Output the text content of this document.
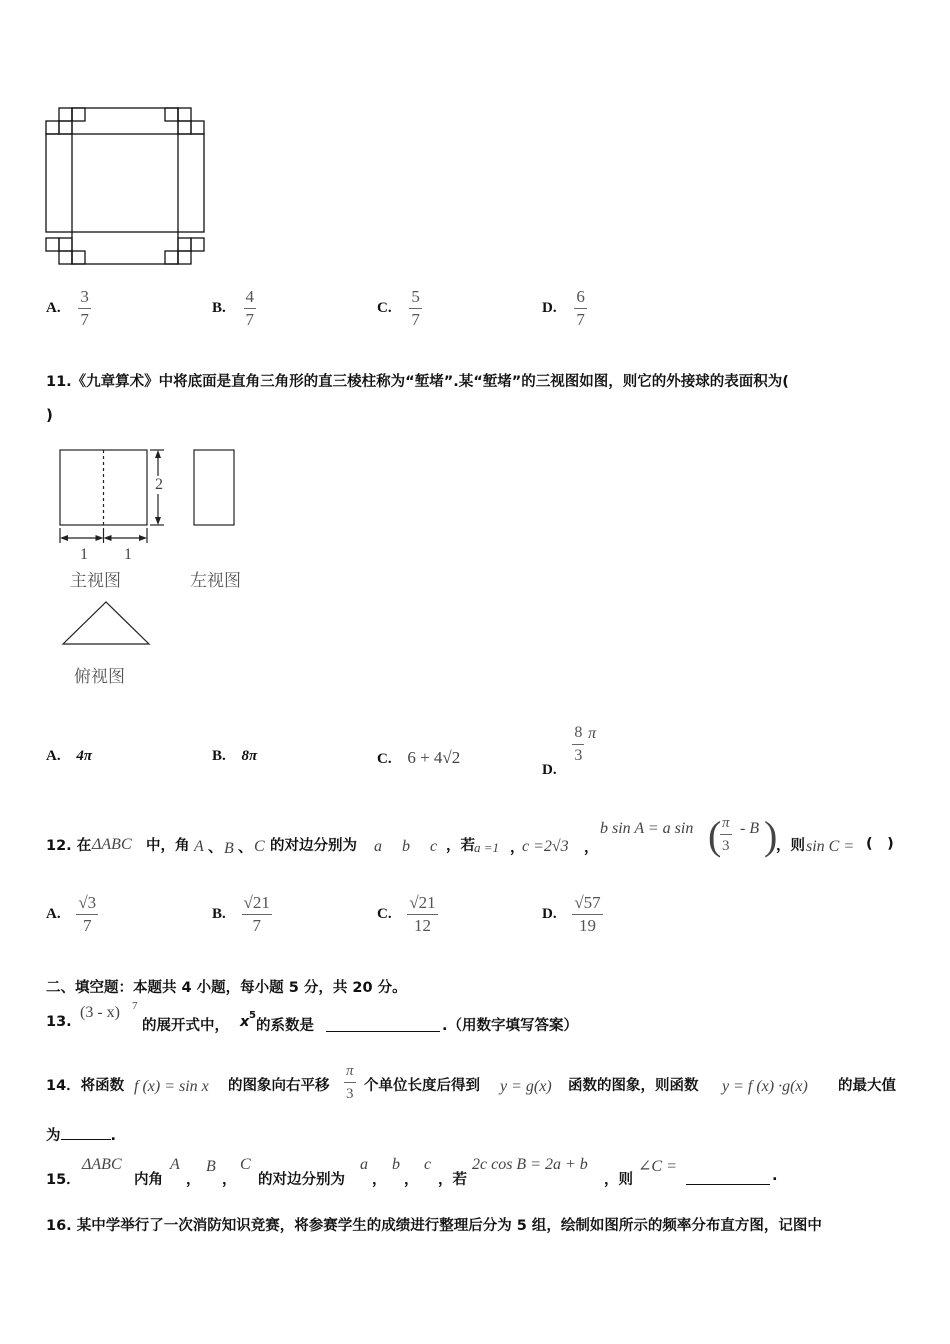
A. $\frac{3}{7}$	B. $\frac{4}{7}$	C. $\frac{5}{7}$	D. $\frac{6}{7}$
11.《九章算术》中将底面是直角三角形的直三棱柱称为“堑堵”.某“堑堵”的三视图如图，则它的外接球的表面积为(
)
2
1 1
主视图	左视图
俯视图
A. 4π	B. 8π	C. 6 + 4√2
D.
$\frac{8}{3}$ π
12. 在 ΔABC 中，角 A 、 B 、 C 的对边分别为 a b c ，若 a =1 ，
c =2√3 ，
b sin A = a sin (
$\frac{\pi}{3}$ - B )
，则 sin C = (　)
A. $\frac{√3}{7}$	B. $\frac{√21}{7}$	C. $\frac{√21}{12}$	D. $\frac{√57}{19}$
二、填空题：本题共 4 小题，每小题 5 分，共 20 分。
13.
(3 - x) 7
的展开式中， x 5
的系数是	.（用数字填写答案）
14．将函数 f (x) = sin x 的图象向右平移 $\frac{\pi}{3}$ 个单位长度后得到 y = g(x) 函数的图象，则函数 y = f (x) ·g(x) 的最大值
为	.
15．
ΔABC
内角
A
，
B
，
C
的对边分别为
a
，
b
，
c
，若
2c cos B = 2a + b
，则
∠C =
.
16. 某中学举行了一次消防知识竞赛，将参赛学生的成绩进行整理后分为 5 组，绘制如图所示的频率分布直方图，记图中
